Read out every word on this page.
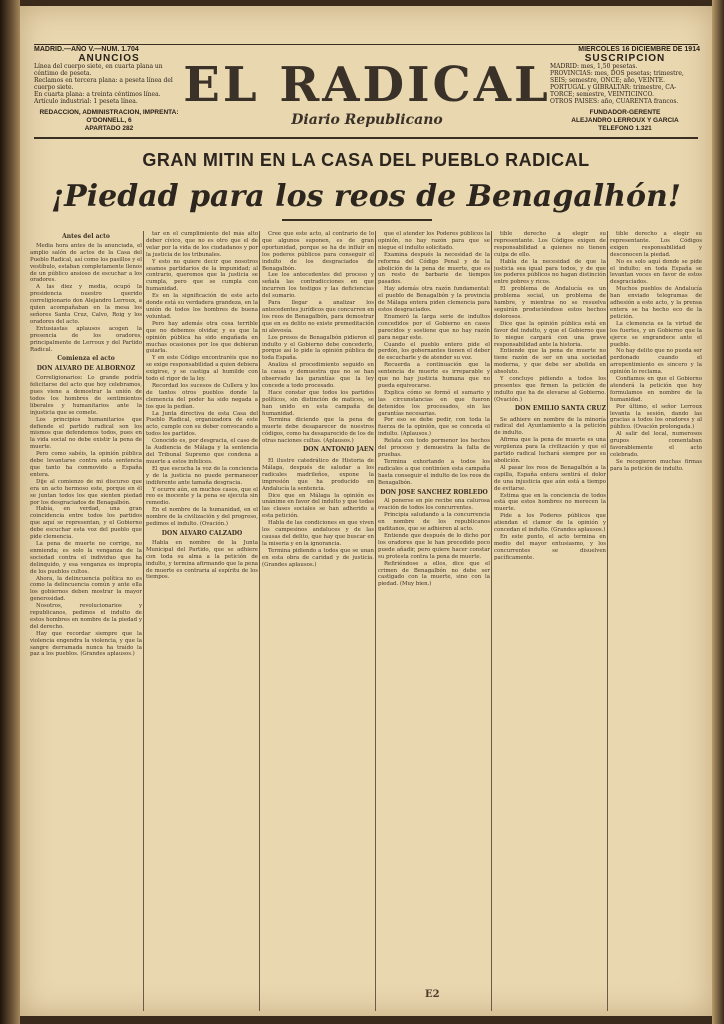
MADRID.—AÑO V.—NUM. 1.704
ANUNCIOS
Línea del cuerpo siete, en cuarta plana un
céntimo de peseta.
Reclamos en tercera plana: a peseta línea del
cuerpo siete.
En cuarta plana: a treinta céntimos línea.
Artículo industrial: 1 peseta línea.
REDACCION, ADMINISTRACION, IMPRENTA: O'DONNELL, 6
APARTADO 282
EL RADICAL
Diario Republicano
MIERCOLES 16 DICIEMBRE DE 1914
SUSCRIPCION
MADRID: mes, 1,50 pesetas.
PROVINCIAS: mes, DOS pesetas; trimestre,
SEIS; semestre, ONCE; año, VEINTE.
PORTUGAL y GIBRALTAR: trimestre, CA-
TORCE; semestre, VEINTICINCO.
OTROS PAISES: año, CUARENTA francos.
FUNDADOR-GERENTE
ALEJANDRO LERROUX Y GARCIA
TELEFONO 1.321
GRAN MITIN EN LA CASA DEL PUEBLO RADICAL
¡Piedad para los reos de Benagalhón!
Antes del acto

Media hora antes de la anunciada, el amplio salón de actos de la Casa del Pueblo Radical, así como los pasillos y el vestíbulo, estaban completamente llenos de un público ansioso de escuchar a los oradores.

A las diez y media, ocupó la presidencia nuestro querido correligionario don Alejandro Lerroux, a quien acompañaban en la mesa los señores Santa Cruz, Calvo, Roig y los oradores del acto.

Entusiastas aplausos acogen la presencia de los oradores, principalmente de Lerroux y del Partido Radical.

Comienza el acto
DON ALVARO DE ALBORNOZ

Correligionarios: Lo grande podría felicitarse del acto que hoy celebramos, pues viene a demostrar la unión de todos los hombres de sentimientos liberales y humanitarios ante la injusticia que se comete.

Los principios humanitarios que defiende el partido radical son los mismos que defendemos todos, pues en la vida social no debe existir la pena de muerte.

Pero como sabéis, la opinión pública debe levantarse contra esta sentencia que tanto ha conmovido a España entera.

Dije al comienzo de mi discurso que era un acto hermoso este, porque en él se juntan todos los que sienten piedad por los desgraciados de Benagalbón.

Había, en verdad, una gran coincidencia entre todos los partidos que aquí se representan, y el Gobierno debe escuchar esta voz del pueblo que pide clemencia.

La pena de muerte no corrige, no enmienda; es solo la venganza de la sociedad contra el individuo que ha delinquido, y esa venganza es impropia de los pueblos cultos.

Ahora, la delincuencia política no es como la delincuencia común y ante ella los gobiernos deben mostrar la mayor generosidad.

Nosotros, revolucionarios y republicanos, pedimos el indulto de estos hombres en nombre de la piedad y del derecho.

Hay que recordar siempre que la violencia engendra la violencia, y que la sangre derramada nunca ha traído la paz a los pueblos. (Grandes aplausos.)

tar en el cumplimiento del más alto deber cívico, que no es otro que el de velar por la vida de los ciudadanos y por la justicia de los tribunales.

Y esto no quiere decir que nosotros seamos partidarios de la impunidad; al contrario, queremos que la justicia se cumpla, pero que se cumpla con humanidad.

Es en la significación de este acto donde está su verdadera grandeza, en la unión de todos los hombres de buena voluntad.

Pero hay además otra cosa terrible que no debemos olvidar, y es que la opinión pública ha sido engañada en muchas ocasiones por los que debieran guiarla.

Y en este Código encontraréis que no se exige responsabilidad a quien debiera exigirse, y se castiga al humilde con todo el rigor de la ley.

Recordad los sucesos de Cullera y los de tantos otros pueblos donde la clemencia del poder ha sido negada a los que la pedían.

La Junta directiva de esta Casa del Pueblo Radical, organizadora de este acto, cumple con su deber convocando a todos los partidos.

Conocido es, por desgracia, el caso de la Audiencia de Málaga y la sentencia del Tribunal Supremo que condena a muerte a estos infelices.

El que escucha la voz de la conciencia y de la justicia no puede permanecer indiferente ante tamaña desgracia.

Y ocurre aún, en muchos casos, que el reo es inocente y la pena se ejecuta sin remedio.

En el nombre de la humanidad, en el nombre de la civilización y del progreso, pedimos el indulto. (Ovación.)

DON ALVARO CALZADO

Habla en nombre de la Junta Municipal del Partido, que se adhiere con toda su alma a la petición de indulto, y termina afirmando que la pena de muerte es contraria al espíritu de los tiempos.

Cree que este acto, al contrario de lo que algunos suponen, es de gran oportunidad, porque se ha de influir en los poderes públicos para conseguir el indulto de los desgraciados de Benagalbón.

Lee los antecedentes del proceso y señala las contradicciones en que incurren los testigos y las deficiencias del sumario.

Para llegar a analizar los antecedentes jurídicos que concurren en los reos de Benagalbón, para demostrar que en su delito no existe premeditación ni alevosía.

Los presos de Benagalbón pidieron el indulto y el Gobierno debe concederlo, porque así lo pide la opinión pública de toda España.

Analiza el procedimiento seguido en la causa y demuestra que no se han observado las garantías que la ley concede a todo procesado.

Hace constar que todos los partidos políticos, sin distinción de matices, se han unido en esta campaña de humanidad.

Termina diciendo que la pena de muerte debe desaparecer de nuestros códigos, como ha desaparecido de los de otras naciones cultas. (Aplausos.)

DON ANTONIO JAEN

El ilustre catedrático de Historia de Málaga, después de saludar a los radicales madrileños, expone la impresión que ha producido en Andalucía la sentencia.

Dice que en Málaga la opinión es unánime en favor del indulto y que todas las clases sociales se han adherido a esta petición.

Habla de las condiciones en que viven los campesinos andaluces y de las causas del delito, que hay que buscar en la miseria y en la ignorancia.

Termina pidiendo a todos que se unan en esta obra de caridad y de justicia. (Grandes aplausos.)

que el atender los Poderes públicos la opinión, no hay razón para que se niegue el indulto solicitado.

Examina después la necesidad de la reforma del Código Penal y de la abolición de la pena de muerte, que es un resto de barbarie de tiempos pasados.

Hay además otra razón fundamental: el pueblo de Benagalbón y la provincia de Málaga entera piden clemencia para estos desgraciados.

Enumeró la larga serie de indultos concedidos por el Gobierno en casos parecidos y sostiene que no hay razón para negar este.

Cuando el pueblo entero pide el perdón, los gobernantes tienen el deber de escucharle y de atender su voz.

Recuerda a continuación que la sentencia de muerte es irreparable y que no hay justicia humana que no pueda equivocarse.

Explica cómo se formó el sumario y las circunstancias en que fueron detenidos los procesados, sin las garantías necesarias.

Por eso se debe pedir, con toda la fuerza de la opinión, que se conceda el indulto. (Aplausos.)

Relata con todo pormenor los hechos del proceso y demuestra la falta de pruebas.

Termina exhortando a todos los radicales a que continúen esta campaña hasta conseguir el indulto de los reos de Benagalbón.

DON JOSE SANCHEZ ROBLEDO

Al ponerse en pie recibe una calurosa ovación de todos los concurrentes.

Principia saludando a la concurrencia en nombre de los republicanos gaditanos, que se adhieren al acto.

Entiende que después de lo dicho por los oradores que le han precedido poco puede añadir, pero quiere hacer constar su protesta contra la pena de muerte.

Refiriéndose a ellos, dice que el crimen de Benagalbón no debe ser castigado con la muerte, sino con la piedad. (Muy bien.)

tible derecho a elegir su representante. Los Códigos exigen de responsabilidad a quienes no tienen culpa de ello.

Habla de la necesidad de que la justicia sea igual para todos, y de que los poderes públicos no hagan distinción entre pobres y ricos.

El problema de Andalucía es un problema social, un problema de hambre, y mientras no se resuelva seguirán produciéndose estos hechos dolorosos.

Dice que la opinión pública está en favor del indulto, y que el Gobierno que lo niegue cargará con una grave responsabilidad ante la historia.

Entiende que la pena de muerte no tiene razón de ser en una sociedad moderna, y que debe ser abolida en absoluto.

Y concluye pidiendo a todos los presentes que firmen la petición de indulto que ha de elevarse al Gobierno. (Ovación.)

DON EMILIO SANTA CRUZ

Se adhiere en nombre de la minoría radical del Ayuntamiento a la petición de indulto.

Afirma que la pena de muerte es una vergüenza para la civilización y que el partido radical luchará siempre por su abolición.

Al pasar los reos de Benagalbón a la capilla, España entera sentirá el dolor de una injusticia que aún está a tiempo de evitarse.

Estima que en la conciencia de todos está que estos hombres no merecen la muerte.

Pide a los Poderes públicos que atiendan el clamor de la opinión y concedan el indulto. (Grandes aplausos.)

En este punto, el acto termina en medio del mayor entusiasmo, y los concurrentes se disuelven pacíficamente.

tible derecho a elegir su representante. Los Códigos exigen responsabilidad y desconocen la piedad.

No es solo aquí donde se pide el indulto; en toda España se levantan voces en favor de estos desgraciados.

Muchos pueblos de Andalucía han enviado telegramas de adhesión a este acto, y la prensa entera se ha hecho eco de la petición.

La clemencia es la virtud de los fuertes, y un Gobierno que la ejerce se engrandece ante el pueblo.

No hay delito que no pueda ser perdonado cuando el arrepentimiento es sincero y la opinión lo reclama.

Confiamos en que el Gobierno atenderá la petición que hoy formulamos en nombre de la humanidad.

Por último, el señor Lerroux levanta la sesión, dando las gracias a todos los oradores y al público. (Ovación prolongada.)

Al salir del local, numerosos grupos comentaban favorablemente el acto celebrado.

Se recogieron muchas firmas para la petición de indulto.

E2
